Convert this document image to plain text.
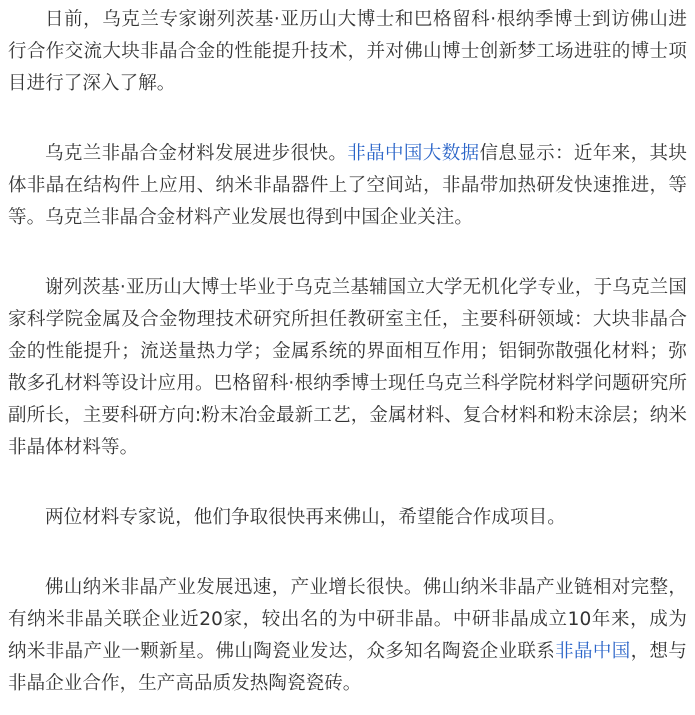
日前，乌克兰专家谢列茨基·亚历山大博士和巴格留科·根纳季博士到访佛山进行合作交流大块非晶合金的性能提升技术，并对佛山博士创新梦工场进驻的博士项目进行了深入了解。

乌克兰非晶合金材料发展进步很快。非晶中国大数据信息显示：近年来，其块体非晶在结构件上应用、纳米非晶器件上了空间站，非晶带加热研发快速推进，等等。乌克兰非晶合金材料产业发展也得到中国企业关注。

谢列茨基·亚历山大博士毕业于乌克兰基辅国立大学无机化学专业，于乌克兰国家科学院金属及合金物理技术研究所担任教研室主任，主要科研领域：大块非晶合金的性能提升；流送量热力学；金属系统的界面相互作用；铝铜弥散强化材料；弥散多孔材料等设计应用。巴格留科·根纳季博士现任乌克兰科学院材料学问题研究所副所长，主要科研方向:粉末冶金最新工艺，金属材料、复合材料和粉末涂层；纳米非晶体材料等。

两位材料专家说，他们争取很快再来佛山，希望能合作成项目。

佛山纳米非晶产业发展迅速，产业增长很快。佛山纳米非晶产业链相对完整，有纳米非晶关联企业近20家，较出名的为中研非晶。中研非晶成立10年来，成为纳米非晶产业一颗新星。佛山陶瓷业发达，众多知名陶瓷企业联系非晶中国，想与非晶企业合作，生产高品质发热陶瓷瓷砖。
